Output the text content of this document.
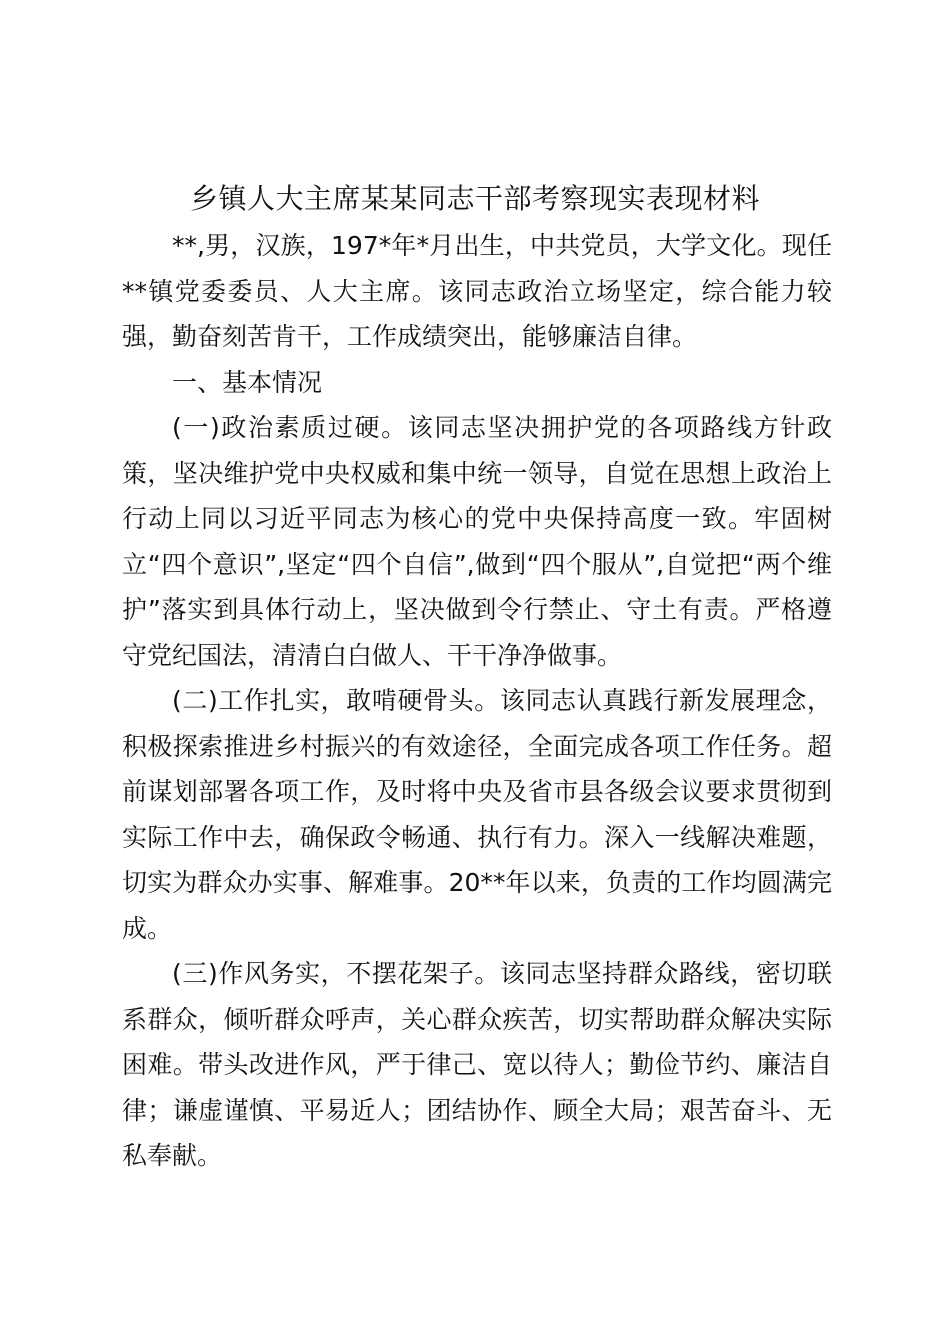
乡镇人大主席某某同志干部考察现实表现材料

**,男，汉族，197*年*月出生，中共党员，大学文化。现任**镇党委委员、人大主席。该同志政治立场坚定，综合能力较强，勤奋刻苦肯干，工作成绩突出，能够廉洁自律。

一、基本情况

(一)政治素质过硬。该同志坚决拥护党的各项路线方针政策，坚决维护党中央权威和集中统一领导，自觉在思想上政治上行动上同以习近平同志为核心的党中央保持高度一致。牢固树立“四个意识”,坚定“四个自信”,做到“四个服从”,自觉把“两个维护”落实到具体行动上，坚决做到令行禁止、守土有责。严格遵守党纪国法，清清白白做人、干干净净做事。

(二)工作扎实，敢啃硬骨头。该同志认真践行新发展理念，积极探索推进乡村振兴的有效途径，全面完成各项工作任务。超前谋划部署各项工作，及时将中央及省市县各级会议要求贯彻到实际工作中去，确保政令畅通、执行有力。深入一线解决难题，切实为群众办实事、解难事。20**年以来，负责的工作均圆满完成。

(三)作风务实，不摆花架子。该同志坚持群众路线，密切联系群众，倾听群众呼声，关心群众疾苦，切实帮助群众解决实际困难。带头改进作风，严于律己、宽以待人；勤俭节约、廉洁自律；谦虚谨慎、平易近人；团结协作、顾全大局；艰苦奋斗、无私奉献。
